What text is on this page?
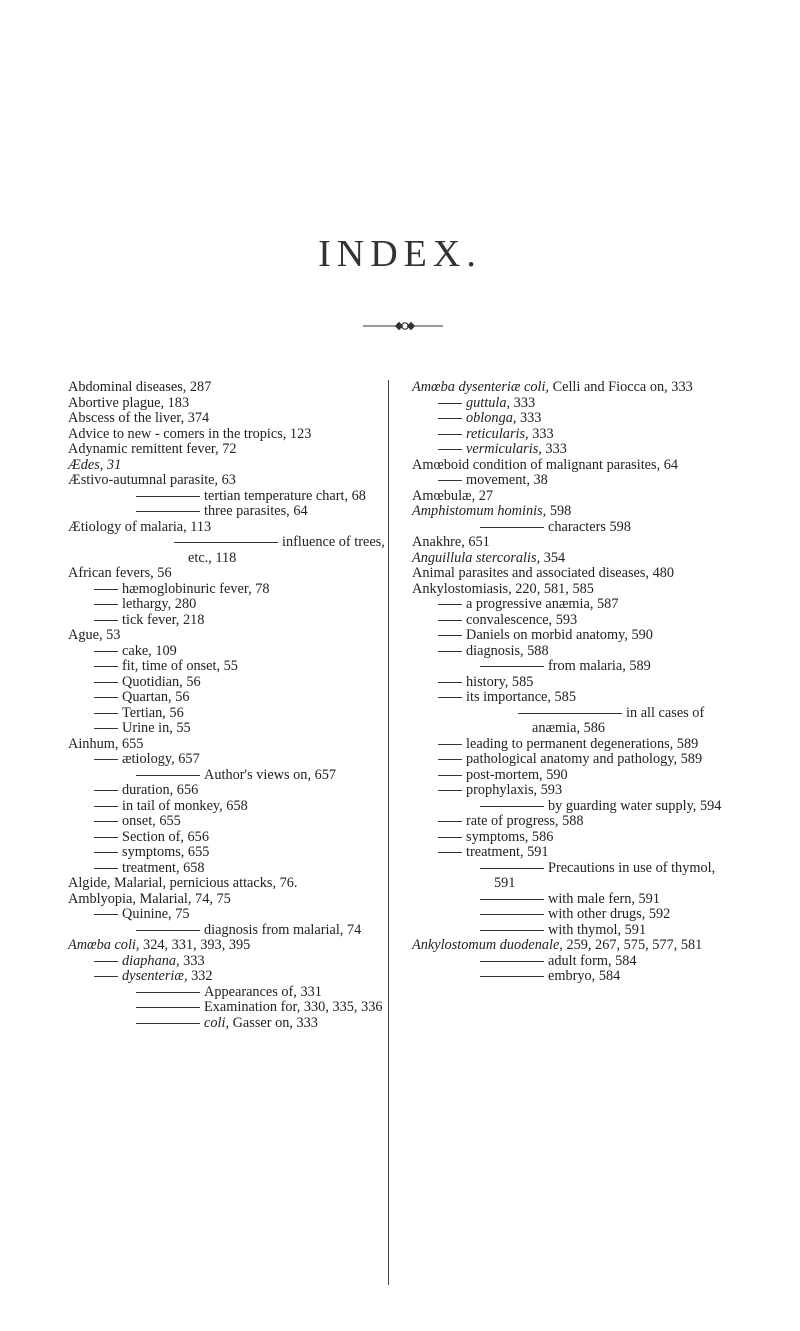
INDEX.
Abdominal diseases, 287
Abortive plague, 183
Abscess of the liver, 374
Advice to new - comers in the tropics, 123
Adynamic remittent fever, 72
Ædes, 31
Æstivo-autumnal parasite, 63
tertian temperature chart, 68
three parasites, 64
Ætiology of malaria, 113
influence of trees, etc., 118
African fevers, 56
hæmoglobinuric fever, 78
lethargy, 280
tick fever, 218
Ague, 53
cake, 109
fit, time of onset, 55
Quotidian, 56
Quartan, 56
Tertian, 56
Urine in, 55
Ainhum, 655
ætiology, 657
Author's views on, 657
duration, 656
in tail of monkey, 658
onset, 655
Section of, 656
symptoms, 655
treatment, 658
Algide, Malarial, pernicious attacks, 76.
Amblyopia, Malarial, 74, 75
Quinine, 75
diagnosis from malarial, 74
Amœba coli, 324, 331, 393, 395
diaphana, 333
dysenteriæ, 332
Appearances of, 331
Examination for, 330, 335, 336
coli, Gasser on, 333
Amœba dysenteriæ coli, Celli and Fiocca on, 333
guttula, 333
oblonga, 333
reticularis, 333
vermicularis, 333
Amœboid condition of malignant parasites, 64
movement, 38
Amœbulæ, 27
Amphistomum hominis, 598
characters 598
Anakhre, 651
Anguillula stercoralis, 354
Animal parasites and associated diseases, 480
Ankylostomiasis, 220, 581, 585
a progressive anæmia, 587
convalescence, 593
Daniels on morbid anatomy, 590
diagnosis, 588
from malaria, 589
history, 585
its importance, 585
in all cases of anæmia, 586
leading to permanent degenerations, 589
pathological anatomy and pathology, 589
post-mortem, 590
prophylaxis, 593
by guarding water supply, 594
rate of progress, 588
symptoms, 586
treatment, 591
Precautions in use of thymol, 591
with male fern, 591
with other drugs, 592
with thymol, 591
Ankylostomum duodenale, 259, 267, 575, 577, 581
adult form, 584
embryo, 584
